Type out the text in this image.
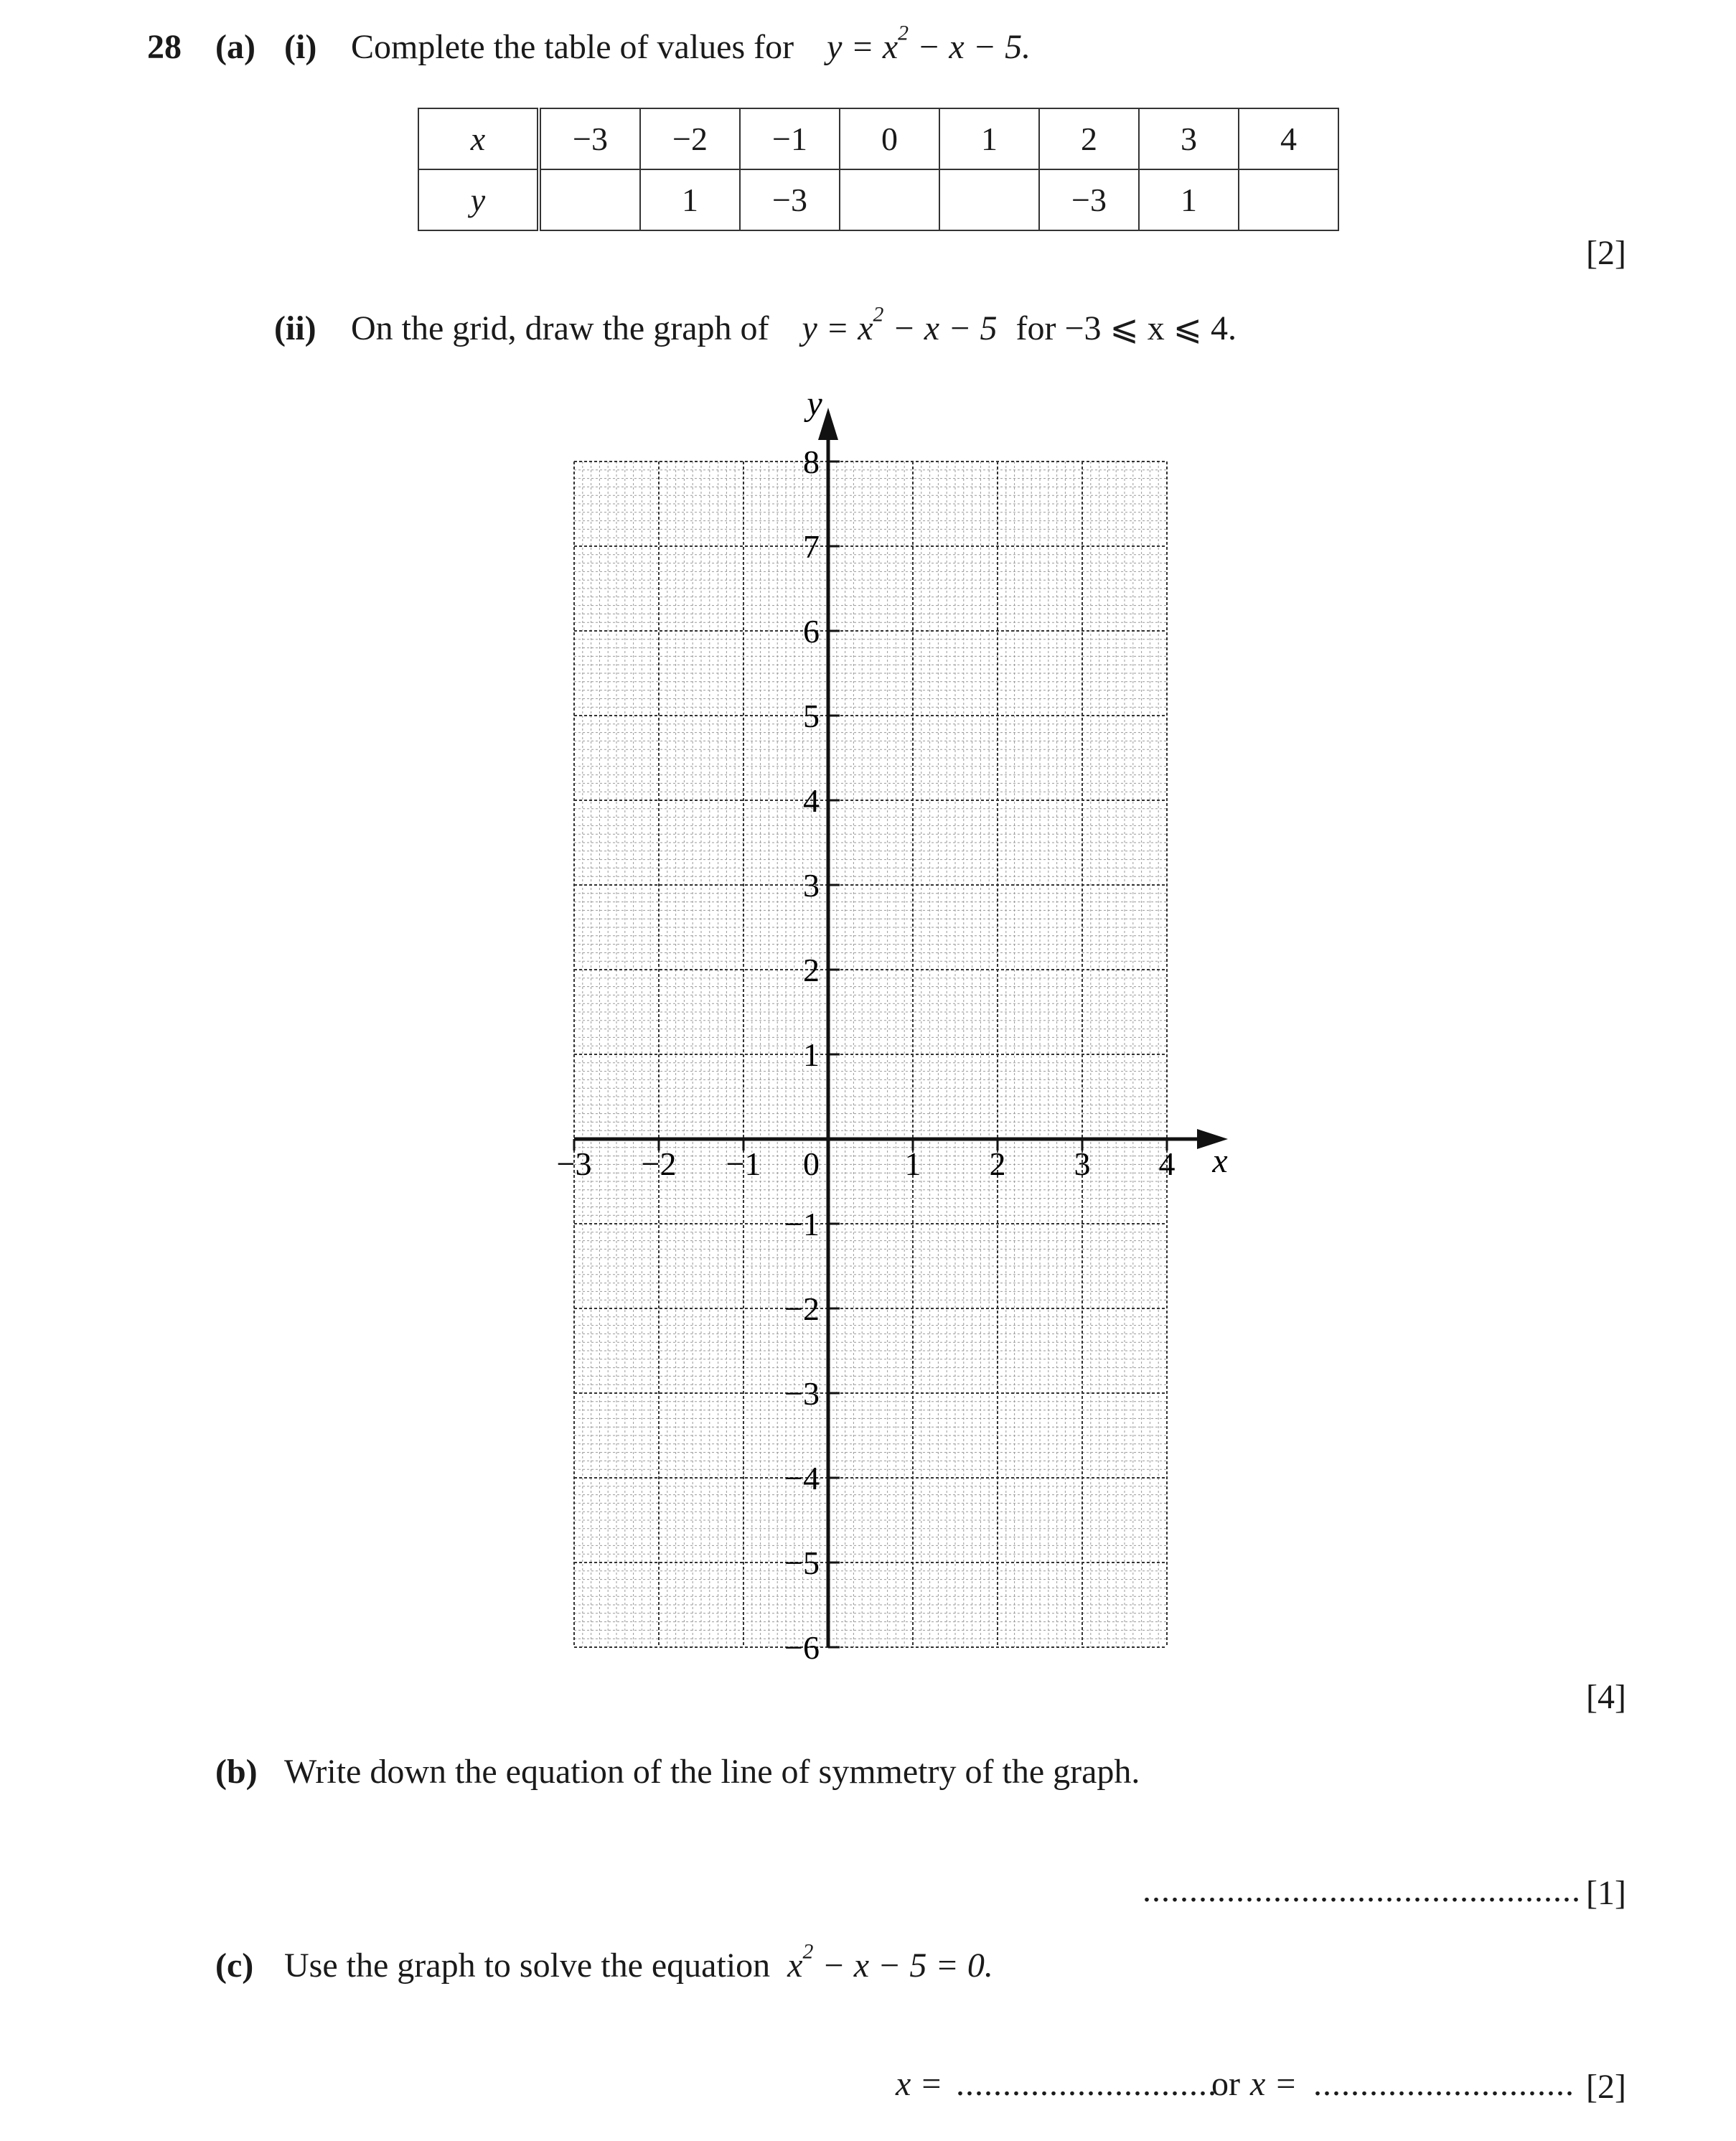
28 (a) (i) Complete the table of values for $y = x^2 - x - 5$.
x	−3	−2	−1	0	1	2	3	4
y		1	−3			−3	1	
[2]
(ii) On the grid, draw the graph of $y = x^2 - x - 5$ for −3 ⩽ x ⩽ 4.
−3 −2 −1 0	1 2 3 4
−6
−5
−4
−3
−2
−1
1
2
3
4
5
6
7
8
x
y
[4]
(b) Write down the equation of the line of symmetry of the graph.
............................................... [1]
(c) Use the graph to solve the equation $x^2 - x - 5 = 0$.
x = ............................
or x = ............................ [2]
